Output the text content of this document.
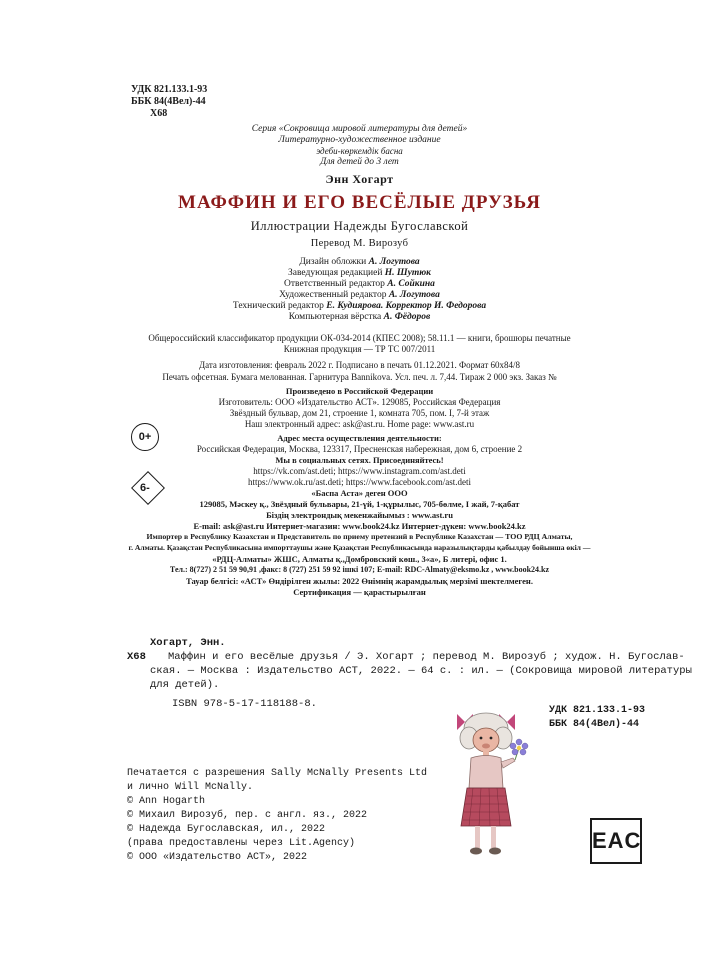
УДК 821.133.1-93
ББК 84(4Вел)-44
Х68
Серия «Сокровища мировой литературы для детей»
Литературно-художественное издание
эдеби-көркемдік басна
Для детей до 3 лет
Энн Хогарт
МАФФИН И ЕГО ВЕСЁЛЫЕ ДРУЗЬЯ
Иллюстрации Надежды Бугославской
Перевод М. Вирозуб
Дизайн обложки А. Логутова
Заведующая редакцией Н. Шутюк
Ответственный редактор А. Сойкина
Художественный редактор А. Логутова
Технический редактор Е. Кудиярова. Корректор И. Федорова
Компьютерная вёрстка А. Фёдоров
Общероссийский классификатор продукции ОК-034-2014 (КПЕС 2008); 58.11.1 — книги, брошюры печатные
Книжная продукция — ТР ТС 007/2011
Дата изготовления: февраль 2022 г. Подписано в печать 01.12.2021. Формат 60x84/8
Печать офсетная. Бумага мелованная. Гарнитура Bannikova. Усл. печ. л. 7,44. Тираж 2 000 экз. Заказ №
Произведено в Российской Федерации
Изготовитель: ООО «Издательство АСТ». 129085, Российская Федерация
Звёздный бульвар, дом 21, строение 1, комната 705, пом. I, 7-й этаж
Наш электронный адрес: ask@ast.ru. Home page: www.ast.ru
0+	Адрес места осуществления деятельности:
Российская Федерация, Москва, 123317, Пресненская набережная, дом 6, строение 2
Мы в социальных сетях. Присоединяйтесь!
https://vk.com/ast.deti; https://www.instagram.com/ast.deti
https://www.ok.ru/ast.deti; https://www.facebook.com/ast.deti
6-	«Баспа Аста» деген ООО
129085, Мәскеу қ., Звёздный бульвары, 21-үй, 1-құрылыс, 705-бөлме, I жай, 7-қабат
Біздің электрондық мекенжайымыз : www.ast.ru
E-mail: ask@ast.ru Интернет-магазин: www.book24.kz Интернет-дүкен: www.book24.kz
Импортер в Республику Казахстан и Представитель по приему претензий в Республике Казахстан — ТОО РДЦ Алматы,
г. Алматы. Қазақстан Республикасына импорттаушы және Қазақстан Республикасында наразылықтарды қабылдау бойынша өкіл —
«РДЦ-Алматы» ЖШС, Алматы қ.,Домбровский көш., 3«а», Б литері, офис 1.
Тел.: 8(727) 2 51 59 90,91 ,факс: 8 (727) 251 59 92 ішкі 107; E-mail: RDC-Almaty@eksmo.kz , www.book24.kz
Тауар белгісі: «АСТ» Өндірілген жылы: 2022 Өнімнің жарамдылық мерзімі шектелмеген.
Сертификация — қарастырылған
Хогарт, Энн.
Х68 Маффин и его весёлые друзья / Э. Хогарт ; перевод М. Вирозуб ; худож. Н. Бугослав-
ская. — Москва : Издательство АСТ, 2022. — 64 с. : ил. — (Сокровища мировой литературы
для детей).
ISBN 978-5-17-118188-8.
УДК 821.133.1-93
ББК 84(4Вел)-44
Печатается с разрешения Sally McNally Presents Ltd
и лично Will McNally.
© Ann Hogarth
© Михаил Вирозуб, пер. с англ. яз., 2022
© Надежда Бугославская, ил., 2022
(права предоставлены через Lit.Agency)
© ООО «Издательство АСТ», 2022
EAC
